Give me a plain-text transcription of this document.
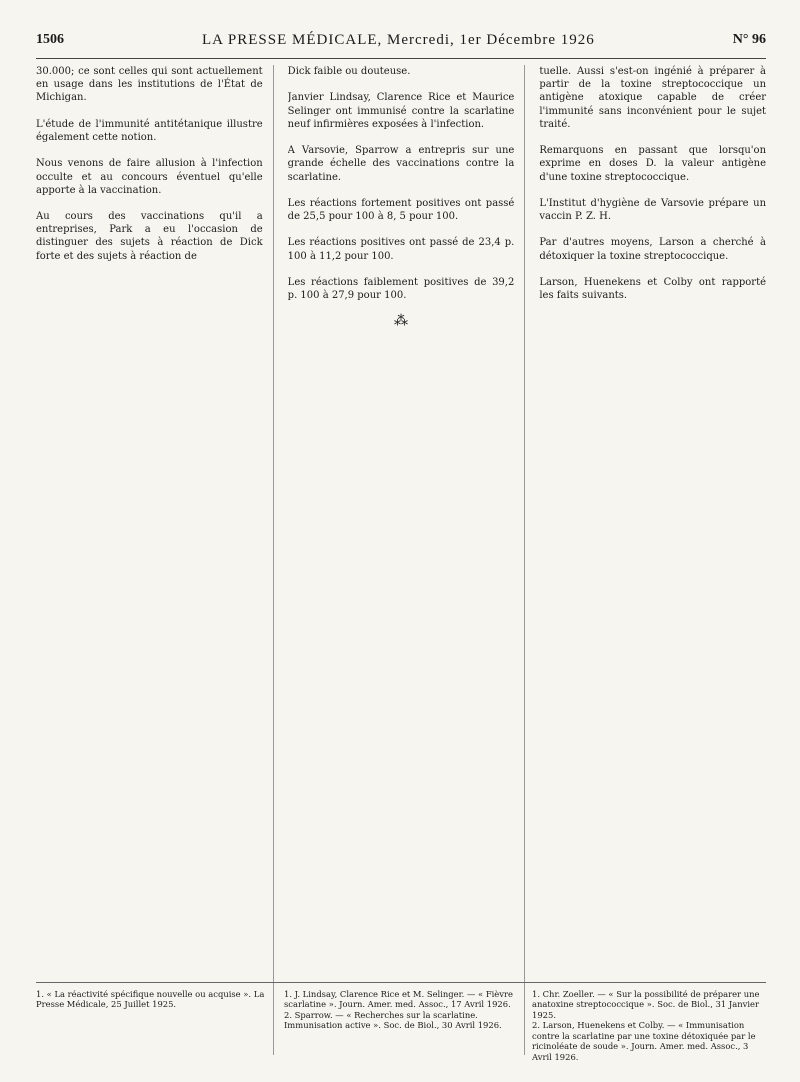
1506	LA PRESSE MÉDICALE, Mercredi, 1er Décembre 1926	N° 96

30.000; ce sont celles qui sont actuellement en usage dans les institutions de l'État de Michigan.

L'étude de l'immunité antitétanique illustre également cette notion.

Nous venons de faire allusion à l'infection occulte et au concours éventuel qu'elle apporte à la vaccination.

Au cours des vaccinations qu'il a entreprises, Park a eu l'occasion de distinguer des sujets à réaction de Dick forte et des sujets à réaction de

Dick faible ou douteuse.

Janvier Lindsay, Clarence Rice et Maurice Selinger ont immunisé contre la scarlatine neuf infirmières exposées à l'infection.

A Varsovie, Sparrow a entrepris sur une grande échelle des vaccinations contre la scarlatine.

Les réactions fortement positives ont passé de 25,5 pour 100 à 8, 5 pour 100.

Les réactions positives ont passé de 23,4 p. 100 à 11,2 pour 100.

Les réactions faiblement positives de 39,2 p. 100 à 27,9 pour 100.

⁂

tuelle. Aussi s'est-on ingénié à préparer à partir de la toxine streptococcique un antigène atoxique capable de créer l'immunité sans inconvénient pour le sujet traité.

Remarquons en passant que lorsqu'on exprime en doses D. la valeur antigène d'une toxine streptococcique.

L'Institut d'hygiène de Varsovie prépare un vaccin P. Z. H.

Par d'autres moyens, Larson a cherché à détoxiquer la toxine streptococcique.

Larson, Huenekens et Colby ont rapporté les faits suivants.

1. « La réactivité spécifique nouvelle ou acquise ». La Presse Médicale, 25 Juillet 1925.
1. J. Lindsay, Clarence Rice et M. Selinger. — « Fièvre scarlatine ». Journ. Amer. med. Assoc., 17 Avril 1926.
2. Sparrow. — « Recherches sur la scarlatine. Immunisation active ». Soc. de Biol., 30 Avril 1926.
1. Chr. Zoeller. — « Sur la possibilité de préparer une anatoxine streptococcique ». Soc. de Biol., 31 Janvier 1925.
2. Larson, Huenekens et Colby. — « Immunisation contre la scarlatine par une toxine détoxiquée par le ricinoléate de soude ». Journ. Amer. med. Assoc., 3 Avril 1926.
